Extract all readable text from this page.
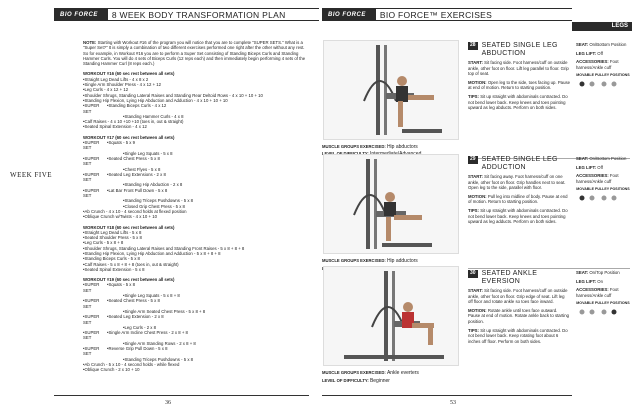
BIO FORCE	8 WEEK BODY TRANSFORMATION PLAN
WEEK FIVE

NOTE: Starting with Workout #16 of the program you will notice that you are to complete "SUPER SETS." What is a "Super Set?" It is simply a combination of two different exercises performed one right after the other without any rest. So for example, in Workout #16 you are to perform a Super Set consisting of Standing Biceps Curls and Standing Hammer Curls. You will do 4 sets of Biceps Curls (12 reps each) and then immediately begin performing 4 sets of the Standing Hammer Curl (8 reps each.)

WORKOUT #16 (60 sec rest between all sets)
• Straight Leg Dead Lifts - 4 x 8 x 2
• Single Arm Shoulder Press - 4 x 12 + 12
• Leg Curls - 4 x 12 + 12
• Shoulder Shrugs, Standing Lateral Raises and Standing Rear Deltoid Rows - 4 x 10 + 10 + 10
• Standing Hip Flexion, Lying Hip Abduction and Adduction - 4 x 10 + 10 + 10
• SUPER SET
• Standing Biceps Curls - 4 x 12
• Standing Hammer Curls - 4 x 8
• Calf Raises - 4 x 10 +10 +10 (toes in, out & straight)
• Seated Spinal Extension - 4 x 12
WORKOUT #17 (60 sec rest between all sets)
• SUPER SET
• Squats - 5 x 9
• Single Leg Squats - 5 x 8
• SUPER SET
• Seated Chest Press - 5 x 8
• Chest Flyes - 5 x 8
• SUPER SET
• Seated Leg Extensions - 2 x 8
• Standing Hip Abduction - 2 x 8
• SUPER SET
• Lat Bar Front Pull Down - 5 x 8
• Standing Triceps Pushdowns - 5 x 8
• Closed Grip Chest Press - 5 x 8
• Ab Crunch - 4 x 10 - 4 second holds at flexed position
• Oblique Crunch w/Twists - 4 x 10 + 10
WORKOUT #18 (60 sec rest between all sets)
• Straight Leg Dead Lifts - 5 x 8
• Seated Shoulder Press - 5 x 8
• Leg Curls - 5 x 8 + 8
• Shoulder Shrugs, Standing Lateral Raises and Standing Front Raises - 5 x 8 + 8 + 8
• Standing Hip Flexion, Lying Hip Abduction and Adduction - 5 x 8 + 8 + 8
• Standing Biceps Curls - 5 x 8
• Calf Raises - 5 x 8 + 8 + 8 (toes in, out & straight)
• Seated Spinal Extension - 5 x 8
WORKOUT #19 (60 sec rest between all sets)
• SUPER SET
• Squats - 5 x 8
• Single Leg Squats - 5 x 8 + 8
• SUPER SET
• Seated Chest Press - 5 x 8
• Single Arm Seated Chest Press - 5 x 8 + 8
• SUPER SET
• Seated Leg Extension - 2 x 8
• Leg Curls - 2 x 8
• SUPER SET
• Single Arm Incline Chest Press - 2 x 8 + 8
• Single Arm Standing Rows - 2 x 8 + 8
• SUPER SET
• Reverse Grip Pull Down - 5 x 8
• Standing Triceps Pushdowns - 5 x 8
• Ab Crunch - 5 x 10 - 4 second holds - while flexed
• Oblique Crunch - 2 x 10 + 10
36
BIO FORCE	BIO FORCE™ EXERCISES
LEGS
MUSCLE GROUPS EXERCISED: Hip abductors
28 SEATED SINGLE LEG
ABDUCTION

START: Sit facing side. Foot harness/cuff on outside ankle, other foot on floor. Lift leg parallel to floor. Grip top of seat.

MOTION: Open leg to the side, toes facing up. Pause at end of motion. Return to starting position.

TIPS: Sit up straight with abdominals contracted. Do not bend lower back. Keep knees and toes pointing upward as leg abducts. Perform on both sides.

SEAT: On/Bottom Position

LEG LIFT: Off

ACCESSORIES: Foot harness/Ankle cuff

MOVABLE PULLEY POSITIONS
MUSCLE GROUPS EXERCISED: Hip adductors
29 SEATED SINGLE LEG
ADDUCTION

START: Sit facing away. Foot harness/cuff on one ankle, other foot on floor. Grip handles next to seat. Open leg to the side, parallel with floor.

MOTION: Pull leg into midline of body. Pause at end of motion. Return to starting position.

TIPS: Sit up straight with abdominals contracted. Do not bend lower back. Keep knees and toes pointing upward as leg adducts. Perform on both sides.

SEAT: On/Bottom Position

LEG LIFT: Off

ACCESSORIES: Foot harness/Ankle cuff

MOVABLE PULLEY POSITIONS
MUSCLE GROUPS EXERCISED: Ankle everters
LEVEL OF DIFFICULTY: Beginner
30 SEATED ANKLE
EVERSION

START: Sit facing side. Foot harness/cuff on outside ankle, other foot on floor. Grip edge of seat. Lift leg off floor and rotate ankle so toes face inward.

MOTION: Rotate ankle until toes face outward. Pause at end of motion. Rotate ankle back to starting position.

TIPS: Sit up straight with abdominals contracted. Do not bend lower back. Keep rotating foot about 6 inches off floor. Perform on both sides.

SEAT: On/Top Position

LEG LIFT: On

ACCESSORIES: Foot harness/Ankle cuff

MOVABLE PULLEY POSITIONS
53
